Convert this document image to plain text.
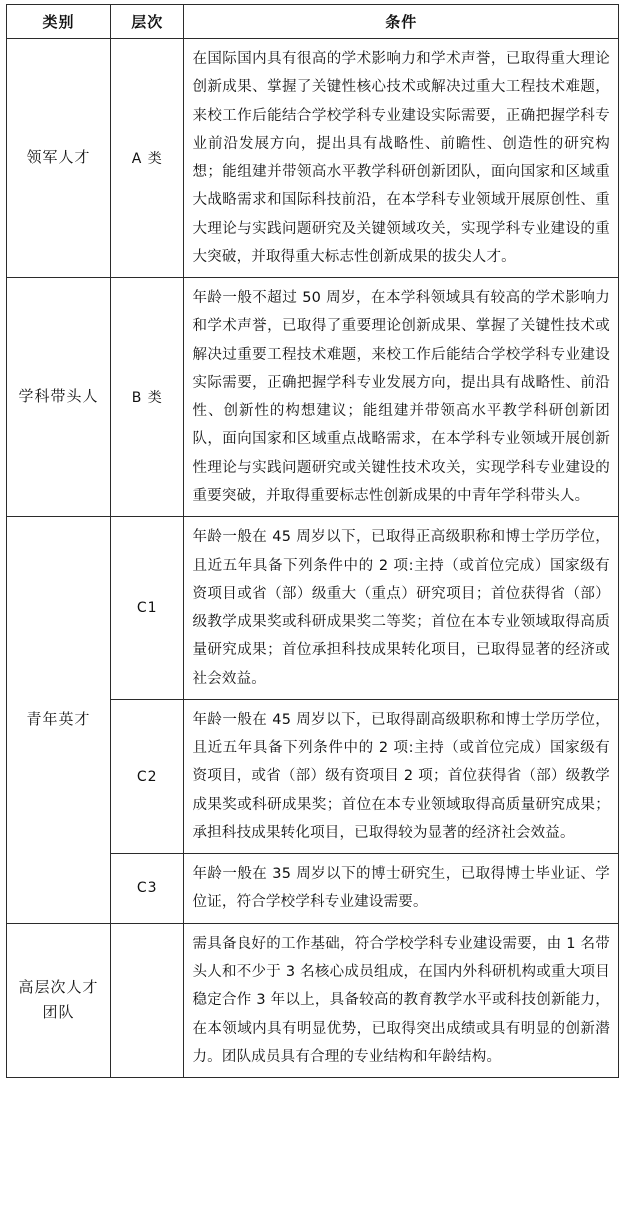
类别	层次	条件
领军人才	A 类	在国际国内具有很高的学术影响力和学术声誉，已取得重大理论创新成果、掌握了关键性核心技术或解决过重大工程技术难题，来校工作后能结合学校学科专业建设实际需要，正确把握学科专业前沿发展方向，提出具有战略性、前瞻性、创造性的研究构想；能组建并带领高水平教学科研创新团队，面向国家和区域重大战略需求和国际科技前沿，在本学科专业领域开展原创性、重大理论与实践问题研究及关键领域攻关，实现学科专业建设的重大突破，并取得重大标志性创新成果的拔尖人才。
学科带头人	B 类	年龄一般不超过 50 周岁，在本学科领域具有较高的学术影响力和学术声誉，已取得了重要理论创新成果、掌握了关键性技术或解决过重要工程技术难题，来校工作后能结合学校学科专业建设实际需要，正确把握学科专业发展方向，提出具有战略性、前沿性、创新性的构想建议；能组建并带领高水平教学科研创新团队，面向国家和区域重点战略需求，在本学科专业领域开展创新性理论与实践问题研究或关键性技术攻关，实现学科专业建设的重要突破，并取得重要标志性创新成果的中青年学科带头人。
青年英才	C1	年龄一般在 45 周岁以下，已取得正高级职称和博士学历学位，且近五年具备下列条件中的 2 项:主持（或首位完成）国家级有资项目或省（部）级重大（重点）研究项目；首位获得省（部）级教学成果奖或科研成果奖二等奖；首位在本专业领域取得高质量研究成果；首位承担科技成果转化项目，已取得显著的经济或社会效益。
	C2	年龄一般在 45 周岁以下，已取得副高级职称和博士学历学位，且近五年具备下列条件中的 2 项:主持（或首位完成）国家级有资项目，或省（部）级有资项目 2 项；首位获得省（部）级教学成果奖或科研成果奖；首位在本专业领域取得高质量研究成果；承担科技成果转化项目，已取得较为显著的经济社会效益。
	C3	年龄一般在 35 周岁以下的博士研究生，已取得博士毕业证、学位证，符合学校学科专业建设需要。
高层次人才团队		需具备良好的工作基础，符合学校学科专业建设需要，由 1 名带头人和不少于 3 名核心成员组成，在国内外科研机构或重大项目稳定合作 3 年以上，具备较高的教育教学水平或科技创新能力，在本领域内具有明显优势，已取得突出成绩或具有明显的创新潜力。团队成员具有合理的专业结构和年龄结构。
